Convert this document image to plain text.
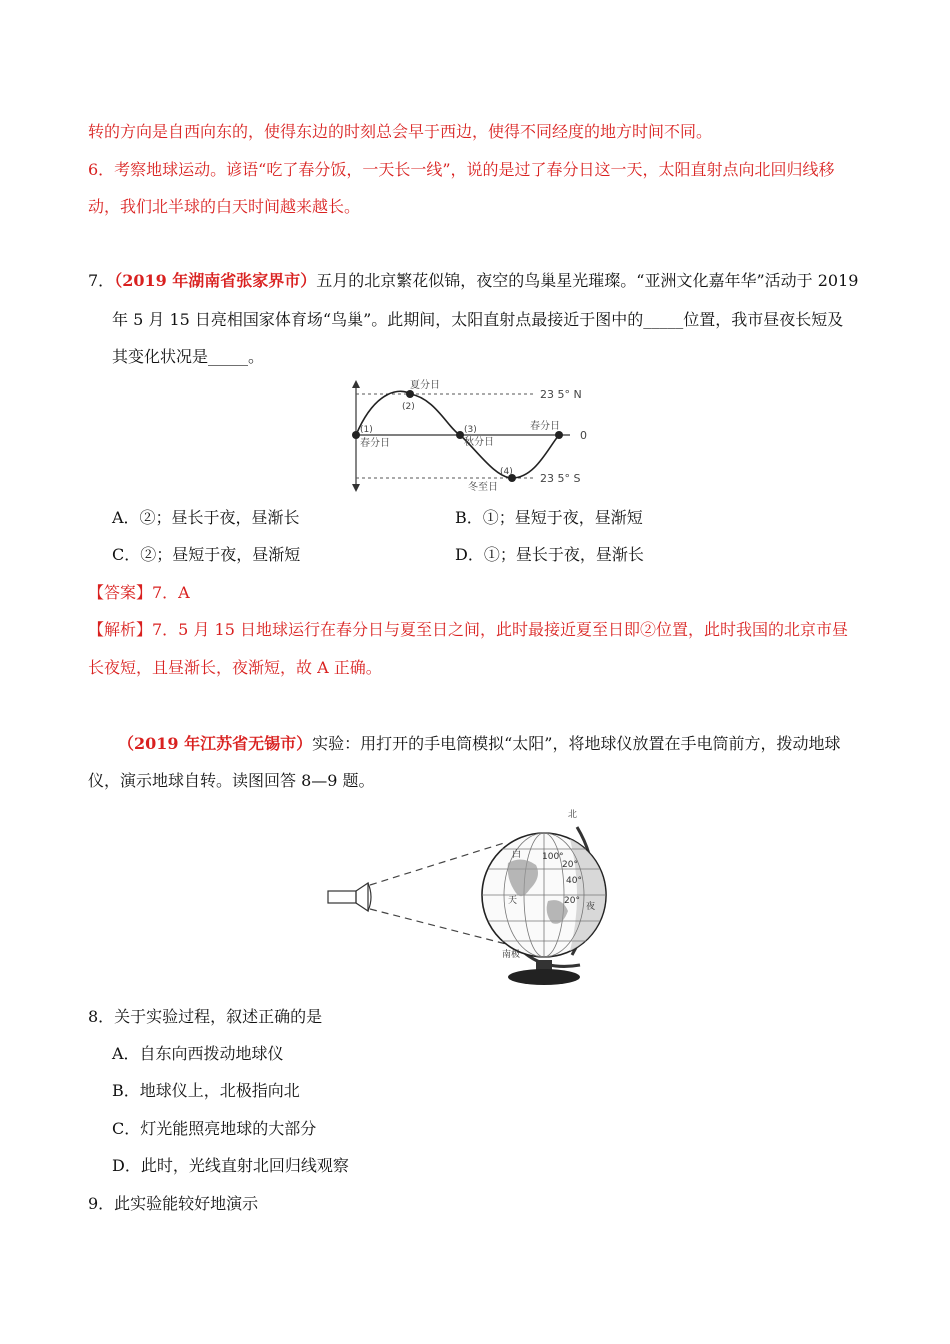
转的方向是自西向东的，使得东边的时刻总会早于西边，使得不同经度的地方时间不同。
6．考察地球运动。谚语“吃了春分饭，一天长一线”，说的是过了春分日这一天，太阳直射点向北回归线移
动，我们北半球的白天时间越来越长。
7．（2019 年湖南省张家界市）五月的北京繁花似锦，夜空的鸟巢星光璀璨。“亚洲文化嘉年华”活动于 2019
年 5 月 15 日亮相国家体育场“鸟巢”。此期间，太阳直射点最接近于图中的_____位置，我市昼夜长短及
其变化状况是_____。
23 5° N
0
23 5° S
夏分日
春分日	秋分日
春分日
冬至日
(1)
(2)
(3)
(4)
A．②；昼长于夜，昼渐长	B．①；昼短于夜，昼渐短
C．②；昼短于夜，昼渐短	D．①；昼长于夜，昼渐长
【答案】7．A
【解析】7．5 月 15 日地球运行在春分日与夏至日之间，此时最接近夏至日即②位置，此时我国的北京市昼
长夜短，且昼渐长，夜渐短，故 A 正确。
（2019 年江苏省无锡市）实验：用打开的手电筒模拟“太阳”，将地球仪放置在手电筒前方，拨动地球
仪，演示地球自转。读图回答 8—9 题。
北
白
夜
天
100°
20°
40°
20°
南极
8．关于实验过程，叙述正确的是
A．自东向西拨动地球仪
B．地球仪上，北极指向北
C．灯光能照亮地球的大部分
D．此时，光线直射北回归线观察
9．此实验能较好地演示
